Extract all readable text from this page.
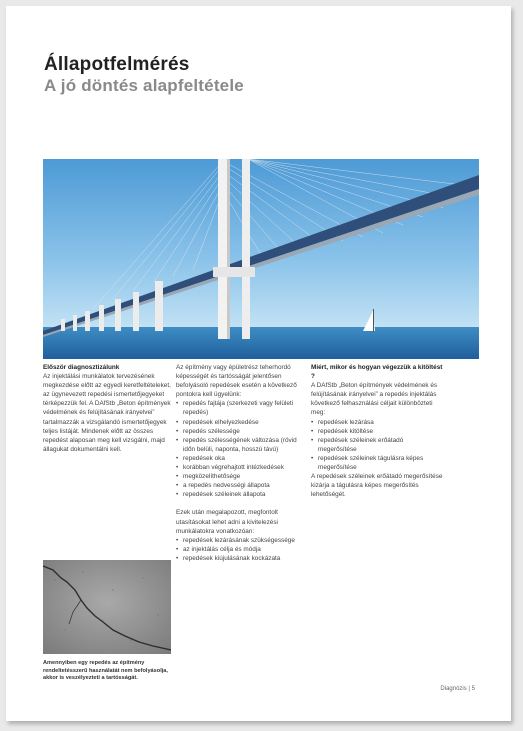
Állapotfelmérés
A jó döntés alapfeltétele

Először diagnosztizálunk

Az injektálási munkálatok tervezésének megkezdése előtt az egyedi keretfeltételeket, az ügynevezett repedési ismertetőjegyeket térképezzük fel. A DAfStb „Beton építmények védelmének és felújításának irányelvei” tartalmazzák a vizsgálandó ismertetőjegyek teljes listáját. Mindenek előtt az összes repedést alaposan meg kell vizsgálni, majd állagukat dokumentálni kell.

Az építmény vagy épületrész teherhordó képességét és tartósságát jelentősen befolyásoló repedések esetén a következő pontokra kell ügyelünk:

• repedés fajtája (szerkezeti vagy felületi repedés)
• repedések elhelyezkedése
• repedés szélessége
• repedés szélességének változása (rövid időn belüli, naponta, hosszú távú)
• repedések oka
• korábban végrehajtott intézkedések
• megközelíthetősége
• a repedés nedvességi állapota
• repedések széleinek állapota

Ezek után megalapozott, megfontolt utasításokat lehet adni a kivitelezési munkálatokra vonatkozóan:

• repedések lezárásának szükségessége
• az injektálás célja és módja
• repedések kiújulásának kockázata

Miért, mikor és hogyan végezzük a kitöltést ?

A DAfStb „Beton építmények védelmének és felújításának irányelvei” a repedés injektálás következő felhasználási céljait különbözteti meg:

• repedések lezárása
• repedések kitöltése
• repedések széleinek erőátadó megerősítése
• repedések széleinek tágulásra képes megerősítése

A repedések széleinek erőátadó megerősítése kizárja a tágulásra képes megerősítés lehetőségét.

Amennyiben egy repedés az építmény rendeltetésszerű használatát nem befolyásolja, akkor is veszélyezteti a tartósságát.

Diagnózis | 5
